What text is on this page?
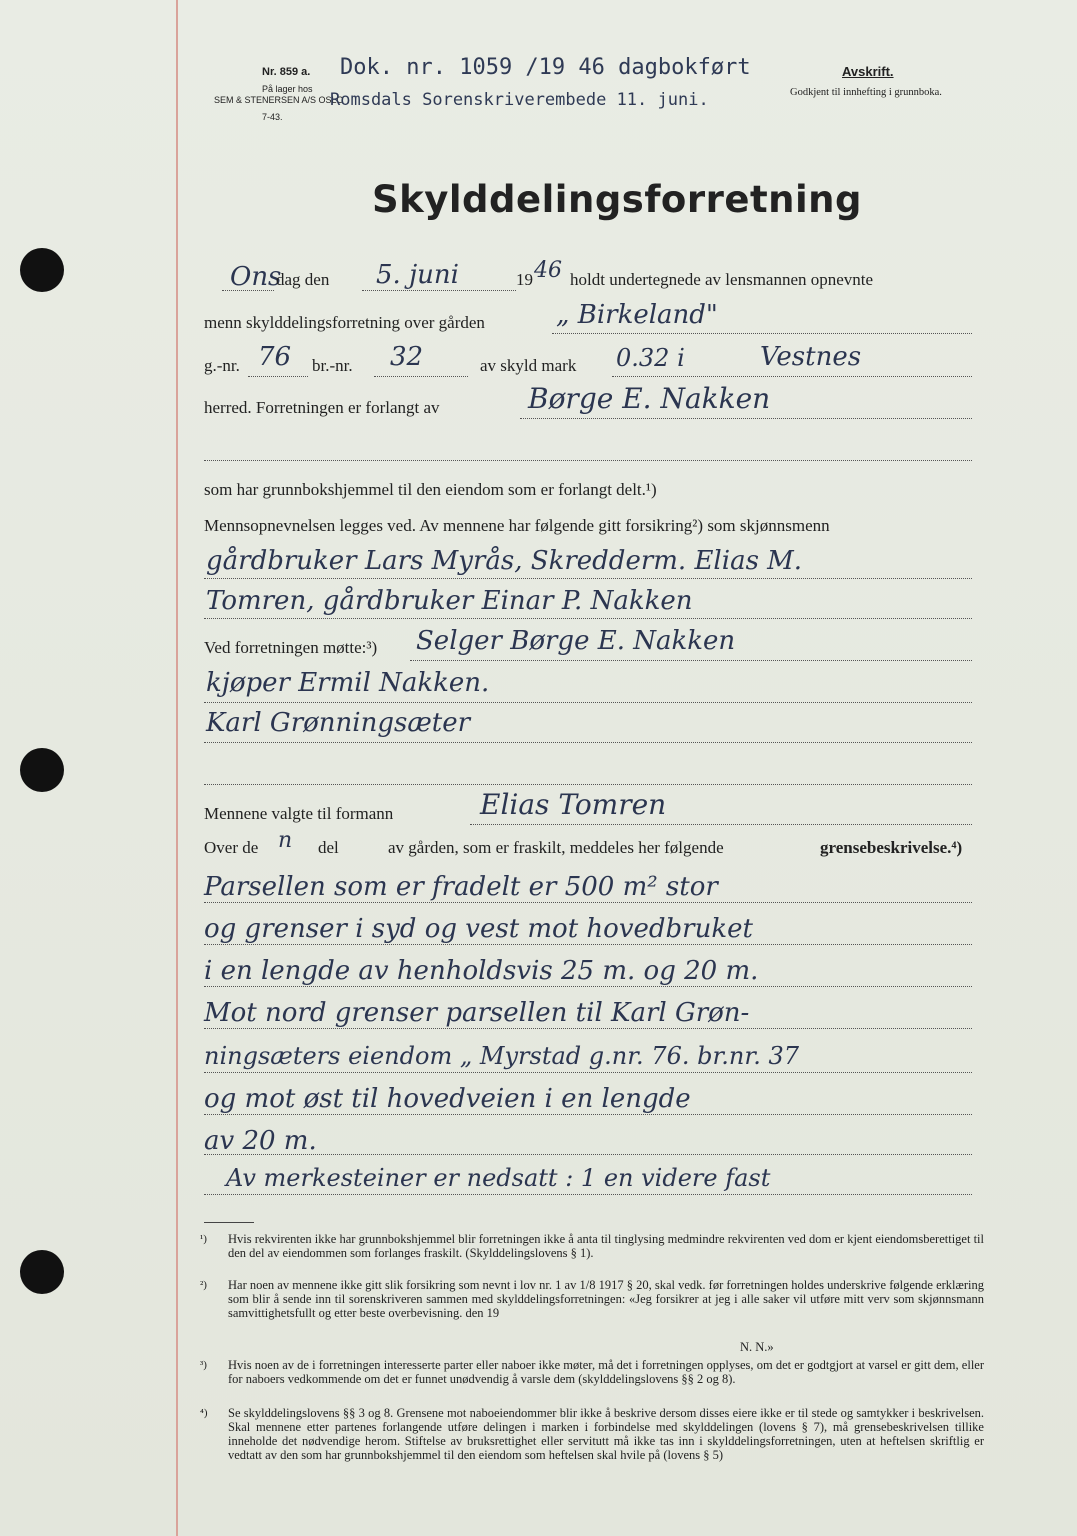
Nr. 859 a. Dok. nr. 1059 /19 46 dagbokført
På lager hos
SEM & STENERSEN A/S OSLO
7-43.
Romsdals Sorenskriverembede 11. juni.
Avskrift.
Godkjent til innhefting i grunnboka.
Skylddelingsforretning
Ons
dag den 5. juni	19 46 holdt undertegnede av lensmannen opnevnte
menn skylddelingsforretning over gården	„ Birkeland"
g.-nr. 76 br.-nr. 32	av skyld mark 0.32 i	Vestnes
herred. Forretningen er forlangt av	Børge E. Nakken
som har grunnbokshjemmel til den eiendom som er forlangt delt.¹)
Mennsopnevnelsen legges ved. Av mennene har følgende gitt forsikring²) som skjønnsmenn
gårdbruker Lars Myrås, Skredderm. Elias M.
Tomren, gårdbruker Einar P. Nakken
Ved forretningen møtte:³) Selger Børge E. Nakken
kjøper Ermil Nakken.
Karl Grønningsæter
Mennene valgte til formann	Elias Tomren
Over de n del	av gården, som er fraskilt, meddeles her følgende	grensebeskrivelse.⁴)
Parsellen som er fradelt er 500 m² stor
og grenser i syd og vest mot hovedbruket
i en lengde av henholdsvis 25 m. og 20 m.
Mot nord grenser parsellen til Karl Grøn-
ningsæters eiendom „ Myrstad g.nr. 76. br.nr. 37
og mot øst til hovedveien i en lengde
av 20 m.
Av merkesteiner er nedsatt : 1 en videre fast
¹) Hvis rekvirenten ikke har grunnbokshjemmel blir forretningen ikke å anta til tinglysing medmindre rekvirenten ved dom er kjent eiendomsberettiget til den del av eiendommen som forlanges fraskilt. (Skylddelingslovens § 1).
²) Har noen av mennene ikke gitt slik forsikring som nevnt i lov nr. 1 av 1/8 1917 § 20, skal vedk. før forretningen holdes underskrive følgende erklæring som blir å sende inn til sorenskriveren sammen med skylddelingsforretningen: «Jeg forsikrer at jeg i alle saker vil utføre mitt verv som skjønnsmann samvittighetsfullt og etter beste overbevisning. den 19
N. N.»
³) Hvis noen av de i forretningen interesserte parter eller naboer ikke møter, må det i forretningen opplyses, om det er godtgjort at varsel er gitt dem, eller for naboers vedkommende om det er funnet unødvendig å varsle dem (skylddelingslovens §§ 2 og 8).
⁴) Se skylddelingslovens §§ 3 og 8. Grensene mot naboeiendommer blir ikke å beskrive dersom disses eiere ikke er til stede og samtykker i beskrivelsen. Skal mennene etter partenes forlangende utføre delingen i marken i forbindelse med skylddelingen (lovens § 7), må grensebeskrivelsen tillike inneholde det nødvendige herom. Stiftelse av bruksrettighet eller servitutt må ikke tas inn i skylddelingsforretningen, uten at heftelsen skriftlig er vedtatt av den som har grunnbokshjemmel til den eiendom som heftelsen skal hvile på (lovens § 5)
